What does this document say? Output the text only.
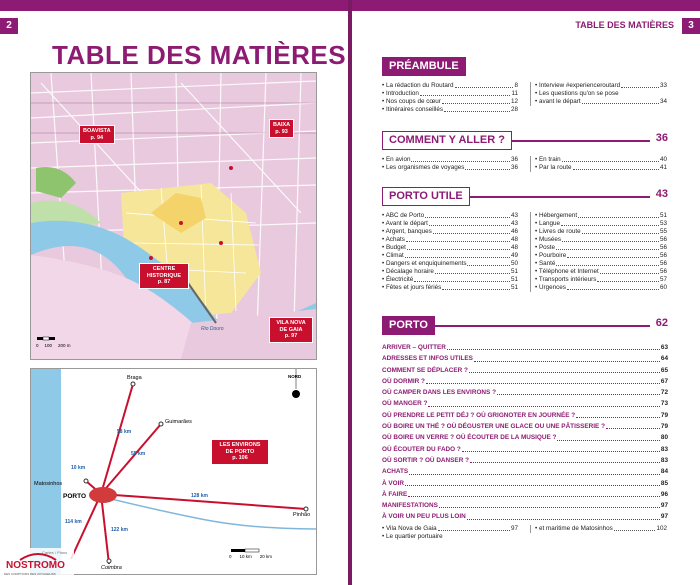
2
TABLE DES MATIÈRES
BOAVISTA
p. 94
BAIXA
p. 93
CENTRE HISTORIQUE
p. 87
VILA NOVA DE GAIA
p. 97
Rio Douro
0 100 200 m
LES ENVIRONS
DE PORTO
p. 106
NORD
Braga
Guimarães
Matosinhos
PORTO
Pinhão
Coimbra
10 km
58 km
55 km
128 km
114 km
122 km
0 10 km 20 km
Cartes / Plans
NOSTROMO
DES COMPTOIRS DES VOYAGEURS
TABLE DES MATIÈRES	3
PRÉAMBULE
• La rédaction du Routard	8
• Introduction	11
• Nos coups de cœur	12
• Itinéraires conseillés	28
• Interview #experienceroutard	33
• Les questions qu'on se pose
• avant le départ	34
COMMENT Y ALLER ?	36
• En avion	36
• Les organismes de voyages	36
• En train	40
• Par la route	41
PORTO UTILE	43
• ABC de Porto	43
• Avant le départ	43
• Argent, banques	46
• Achats	48
• Budget	48
• Climat	49
• Dangers et enquiquinements	50
• Décalage horaire	51
• Électricité	51
• Fêtes et jours fériés	51
• Hébergement	51
• Langue	53
• Livres de route	55
• Musées	56
• Poste	56
• Pourboire	56
• Santé	56
• Téléphone et Internet	56
• Transports intérieurs	57
• Urgences	60
PORTO	62
ARRIVER – QUITTER	63
ADRESSES ET INFOS UTILES	64
COMMENT SE DÉPLACER ?	65
OÙ DORMIR ?	67
OÙ CAMPER DANS LES ENVIRONS ?	72
OÙ MANGER ?	73
OÙ PRENDRE LE PETIT DÉJ ? OÙ GRIGNOTER EN JOURNÉE ?	79
OÙ BOIRE UN THÉ ? OÙ DÉGUSTER UNE GLACE OU UNE PÂTISSERIE ?	79
OÙ BOIRE UN VERRE ? OÙ ÉCOUTER DE LA MUSIQUE ?	80
OÙ ÉCOUTER DU FADO ?	83
OÙ SORTIR ? OÙ DANSER ?	83
ACHATS	84
À VOIR	85
À FAIRE	96
MANIFESTATIONS	97
À VOIR UN PEU PLUS LOIN	97
• Vila Nova de Gaia	97
• Le quartier portuaire
• et maritime de Matosinhos	102
